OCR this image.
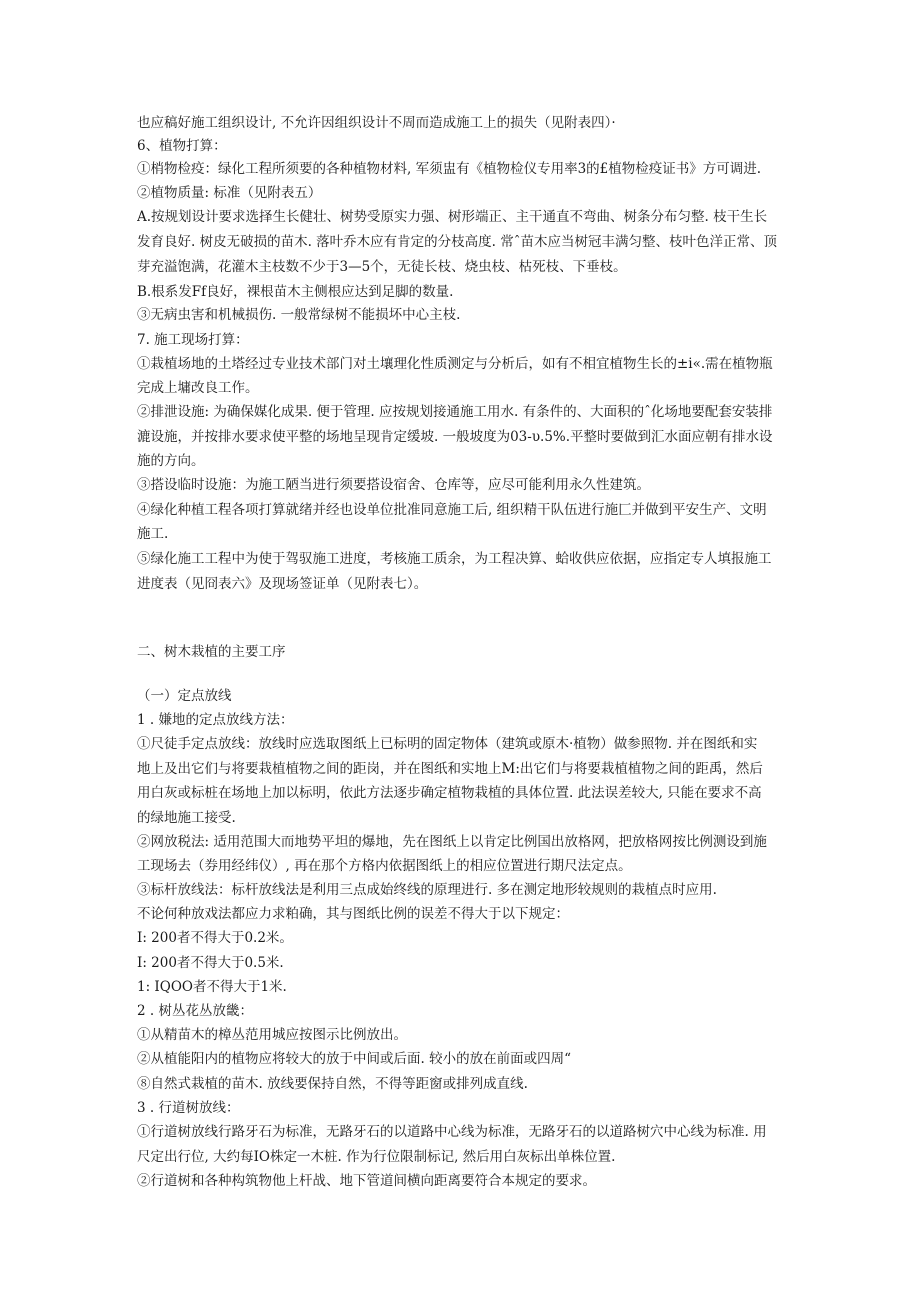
也应稿好施工组织设计, 不允许因组织设计不周而造成施工上的损失（见附表四）·
6、植物打算：
①梢物检疫：绿化工程所须要的各种植物材料, 军须盅有《植物检仪专用率3的£植物检疫证书》方可调进.
②植物质量: 标准（见附表五）
A.按规划设计要求选择生长健壮、树势受原实力强、树形端正、主干通直不弯曲、树条分布匀整. 枝干生长
发育良好. 树皮无破损的苗木. 落叶乔木应有肯定的分枝高度. 常ˆ苗木应当树冠丰满匀整、枝叶色洋正常、顶
芽充溢饱满，花灌木主枝数不少于3—5个，无徒长枝、烧虫枝、枯死枝、下垂枝。
B.根系发Ff良好，裸根苗木主侧根应达到足脚的数量.
③无病虫害和机械损伤. 一般常绿树不能损坏中心主枝.
7. 施工现场打算：
①栽植场地的土塔经过专业技术部门对土壤理化性质测定与分析后，如有不相宜植物生长的±i«.需在植物瓶
完成上墉改良工作。
②排泄设施: 为确保媒化成果. 便于管理. 应按规划接通施工用水. 有条件的、大面积的ˆ化场地要配套安装排
漉设施，并按排水要求使平整的场地呈现肯定缓坡. 一般坡度为03-υ.5%.平整时要做到汇水面应朝有排水设
施的方向。
③搭设临时设施：为施工陋当进行须要搭设宿舍、仓库等，应尽可能利用永久性建筑。
④绿化种植工程各项打算就绪并经也设单位批准同意施工后, 组织精干队伍进行施匚并做到平安生产、文明
施工.
⑤绿化施工工程中为使于驾驭施工进度，考核施工质余，为工程决算、蛤收供应依据，应指定专人填报施工
进度表（见冏表六》及现场签证单（见附表七）。
二、树木栽植的主要工序
（一）定点放线
1 . 嫌地的定点放线方法：
①尺徒手定点放线：放线时应选取图纸上已标明的固定物体（建筑或原木·植物）做参照物. 并在图纸和实
地上及出它们与将要栽植植物之间的距岗，并在图纸和实地上M:出它们与将要栽植植物之间的距禹，然后
用白灰或标桩在场地上加以标明，依此方法逐步确定植物栽植的具体位置. 此法误差较大, 只能在要求不高
的绿地施工接受.
②网放税法: 适用范围大而地势平坦的爆地，先在图纸上以肯定比例国出放格网，把放格网按比例测设到施
工现场去（券用经纬仪）, 再在那个方格内依据图纸上的相应位置进行期尺法定点。
③标杆放线法：标杆放线法是利用三点成始终线的原理进行. 多在测定地形较规则的栽植点时应用.
不论何种放戏法都应力求粕确，其与图纸比例的误差不得大于以下规定：
I: 200者不得大于0.2米。
I: 200者不得大于0.5米.
1: IQOO者不得大于1米.
2 . 树丛花丛放畿：
①从精苗木的樟丛范用城应按图示比例放出。
②从植能阳内的植物应将较大的放于中间或后面. 较小的放在前面或四周“
⑧自然式栽植的苗木. 放线要保持自然，不得等距窗或排列成直线.
3 . 行道树放线：
①行道树放线行路牙石为标准，无路牙石的以道路中心线为标准，无路牙石的以道路树穴中心线为标准. 用
尺定出行位, 大约每IO株定一木桩. 作为行位限制标记, 然后用白灰标出单株位置.
②行道树和各种构筑物他上杆战、地下管道间横向距离要符合本规定的要求。
